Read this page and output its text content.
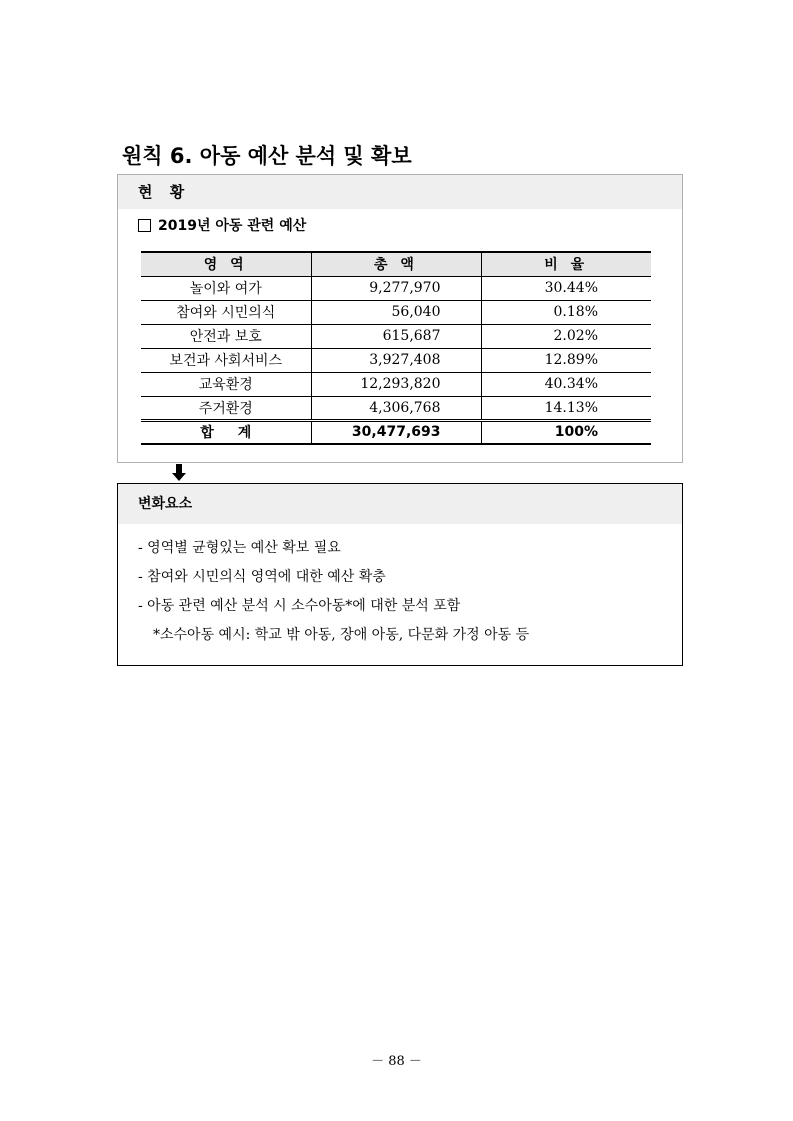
원칙 6. 아동 예산 분석 및 확보
현 황
2019년 아동 관련 예산
영 역	총 액	비 율
놀이와 여가	9,277,970	30.44%
참여와 시민의식	56,040	0.18%
안전과 보호	615,687	2.02%
보건과 사회서비스	3,927,408	12.89%
교육환경	12,293,820	40.34%
주거환경	4,306,768	14.13%
합계	30,477,693	100%
변화요소
- 영역별 균형있는 예산 확보 필요
- 참여와 시민의식 영역에 대한 예산 확충
- 아동 관련 예산 분석 시 소수아동*에 대한 분석 포함
*소수아동 예시: 학교 밖 아동, 장애 아동, 다문화 가정 아동 등
－ 88 －
